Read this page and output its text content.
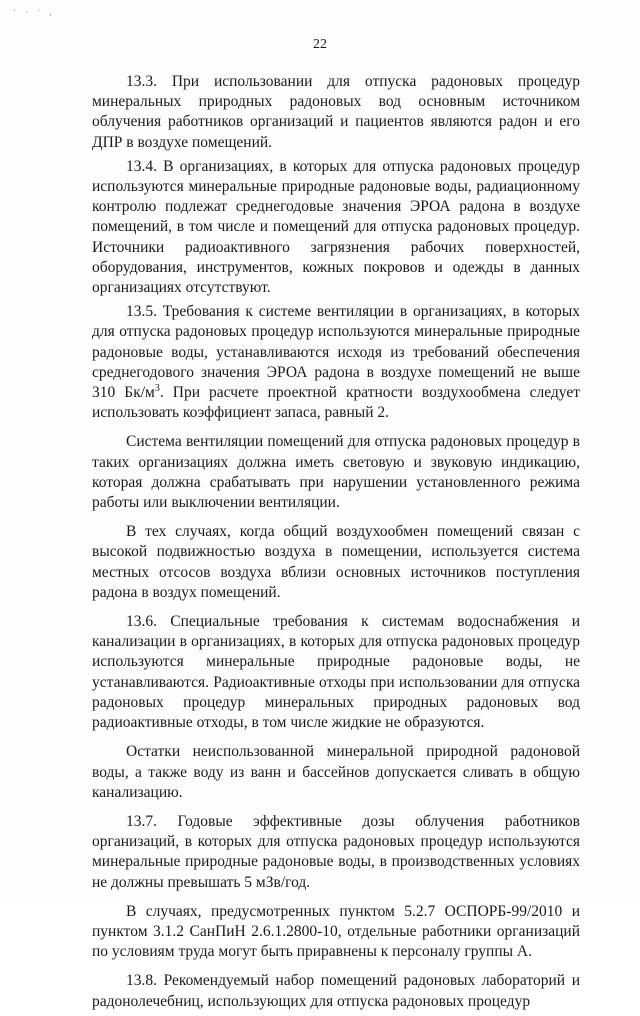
' · ' ,
22

13.3. При использовании для отпуска радоновых процедур минеральных природных радоновых вод основным источником облучения работников организаций и пациентов являются радон и его ДПР в воздухе помещений.

13.4. В организациях, в которых для отпуска радоновых процедур используются минеральные природные радоновые воды, радиационному контролю подлежат среднегодовые значения ЭРОА радона в воздухе помещений, в том числе и помещений для отпуска радоновых процедур. Источники радиоактивного загрязнения рабочих поверхностей, оборудования, инструментов, кожных покровов и одежды в данных организациях отсутствуют.

13.5. Требования к системе вентиляции в организациях, в которых для отпуска радоновых процедур используются минеральные природные радоновые воды, устанавливаются исходя из требований обеспечения среднегодового значения ЭРОА радона в воздухе помещений не выше 310 $Бк/м^3$. При расчете проектной кратности воздухообмена следует использовать коэффициент запаса, равный 2.

Система вентиляции помещений для отпуска радоновых процедур в таких организациях должна иметь световую и звуковую индикацию, которая должна срабатывать при нарушении установленного режима работы или выключении вентиляции.

В тех случаях, когда общий воздухообмен помещений связан с высокой подвижностью воздуха в помещении, используется система местных отсосов воздуха вблизи основных источников поступления радона в воздух помещений.

13.6. Специальные требования к системам водоснабжения и канализации в организациях, в которых для отпуска радоновых процедур используются минеральные природные радоновые воды, не устанавливаются. Радиоактивные отходы при использовании для отпуска радоновых процедур минеральных природных радоновых вод радиоактивные отходы, в том числе жидкие не образуются.

Остатки неиспользованной минеральной природной радоновой воды, а также воду из ванн и бассейнов допускается сливать в общую канализацию.

13.7. Годовые эффективные дозы облучения работников организаций, в которых для отпуска радоновых процедур используются минеральные природные радоновые воды, в производственных условиях не должны превышать 5 мЗв/год.

В случаях, предусмотренных пунктом 5.2.7 ОСПОРБ-99/2010 и пунктом 3.1.2 СанПиН 2.6.1.2800-10, отдельные работники организаций по условиям труда могут быть приравнены к персоналу группы А.

13.8. Рекомендуемый набор помещений радоновых лабораторий и радонолечебниц, использующих для отпуска радоновых процедур
